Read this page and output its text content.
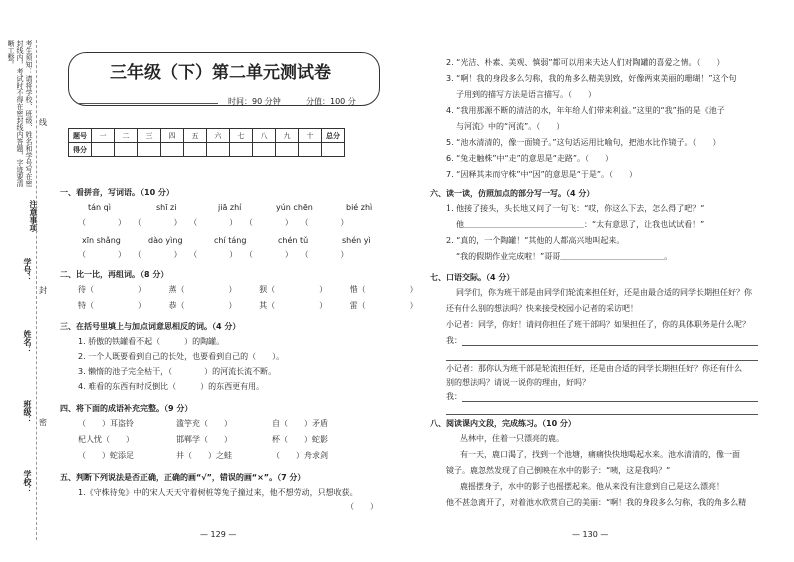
考生须知：请将学校、班级、姓名和学号写在密封线内，考试时不得在密封线内答题，字迹要清晰工整。
注意事项
学校：
班级：
姓名：
学号：
线
封
密
三年级（下）第二单元测试卷
时间：90 分钟	分值：100 分
题号	一	二	三	四	五	六	七	八	九	十	总分
得分											
一、看拼音，写词语。（10 分）
tán qì	shī zi	jiā zhí	yún chēn	bié zhì
（　　　　）   （　　　　）   （　　　　）   （　　　　）   （　　　　）
xīn shǎng	dào yìng	chí táng	chén tǔ	shén yì
（　　　　）   （　　　　）   （　　　　）   （　　　　）   （　　　　）
二、比一比，再组词。（8 分）
待（	）	蒸（	）	狈（	）	惜（	）
特（	）	恭（	）	其（	）	雷（	）
三、在括号里填上与加点词意思相反的词。（4 分）
1. 骄傲的铁罐看不起（　　　）的陶罐。
2. 一个人既要看到自己的长处，也要看到自己的（　　）。
3. 懒惰的池子完全枯干，（　　　　）的河流长流不断。
4. 难看的东西有时反倒比（　　　）的东西更有用。
四、将下面的成语补充完整。（9 分）
（　　）耳盗铃	滥竽充（　　）	自（　　）矛盾
杞人忧（　　）	邯郸学（　　）	杯（　　）蛇影
（　　）蛇添足	井（　　）之蛙	（　　）舟求剑
五、判断下列说法是否正确，正确的画“√”，错误的画“×”。（7 分）
1.《守株待兔》中的宋人天天守着树桩等兔子撞过来，他不想劳动，只想收获。
（　　）
— 129 —
2. “光洁、朴素、美观、慎弱”都可以用来夫达人们对陶罐的喜爱之情。（　　）
3. “啊！我的身段多么匀称，我的角多么精美别致，好像两束美丽的珊瑚！”这个句
子用到的描写方法是语言描写。（　　）
4. “我用那源不断的清洁的水，年年给人们带来利益。”这里的“我”指的是《池子
与河流》中的“河流”。（　　）
5. “池水清清的，像一面镜子。”这句话运用比喻句，把池水比作镜子。（　　）
6. “兔走触株”中“走”的意思是“走路”。（　　）
7. “因释其耒而守株”中“因”的意思是“于是”。（　　）
六、读一读，仿照加点的部分写一写。（4 分）
1. 他接了接头，头长地又问了一句飞：“哎，你这么下去，怎么得了吧？”
他＿＿＿＿＿＿＿＿＿＿＿＿＿＿＿：“太有意思了，让我也试试看！”
2. “真的，一个陶罐！”其他的人都高兴地叫起来。
“我的假期作业完成啦！”哥哥＿＿＿＿＿＿＿＿＿＿＿＿＿。
七、口语交际。（4 分）
同学们，你为班干部是由同学们轮流来担任好，还是由最合适的同学长期担任好？你
还有什么别的想法吗？快来接受校园小记者的采访吧！
小记者：同学，你好！请问你担任了班干部吗？如果担任了，你的具体职务是什么呢？
我：
小记者：那你认为班干部是轮流担任好，还是由合适的同学长期担任好？你还有什么
别的想法吗？请说一说你的理由，好吗？
我：
八、阅读课内文段，完成练习。（10 分）
丛林中，住着一只漂亮的鹿。
有一天，鹿口渴了，找到一个池塘，痛痛快快地喝起水来。池水清清的，像一面
镜子。鹿忽然发现了自己倒映在水中的影子：“咦，这是我吗？”
鹿摇摆身子，水中的影子也摇摆起来。他从来没有注意到自己是这么漂亮！
他不甚急离开了，对着池水欣赏自己的美丽：“啊！我的身段多么匀称，我的角多么精
— 130 —
